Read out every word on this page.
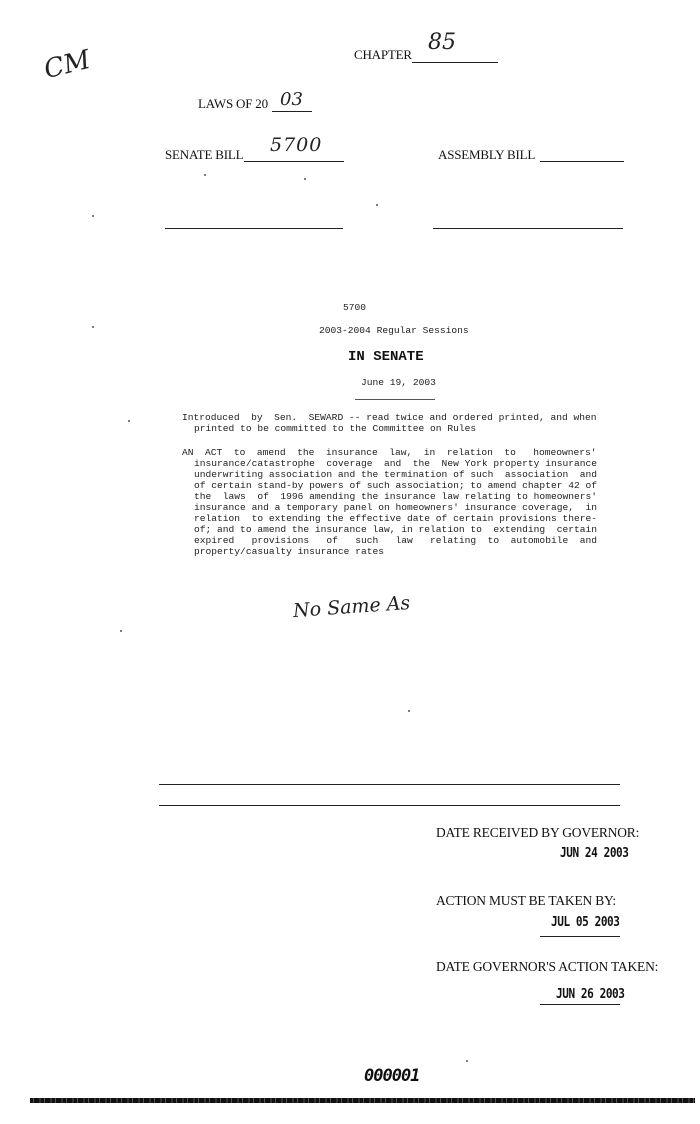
CM	CHAPTER 85
LAWS OF 20 03
SENATE BILL 5700	ASSEMBLY BILL
5700
2003-2004 Regular Sessions
IN SENATE
June 19, 2003
Introduced  by  Sen.  SEWARD -- read twice and ordered printed, and when
printed to be committed to the Committee on Rules
AN  ACT  to  amend  the  insurance  law,  in  relation  to   homeowners'
insurance/catastrophe  coverage  and  the  New York property insurance
underwriting association and the termination of such  association  and
of certain stand-by powers of such association; to amend chapter 42 of
the  laws  of  1996 amending the insurance law relating to homeowners'
insurance and a temporary panel on homeowners' insurance coverage,  in
relation  to extending the effective date of certain provisions there-
of; and to amend the insurance law, in relation to  extending  certain
expired   provisions   of   such   law   relating  to  automobile  and
property/casualty insurance rates
No Same As
DATE RECEIVED BY GOVERNOR:
JUN 24 2003
ACTION MUST BE TAKEN BY:
JUL 05 2003
DATE GOVERNOR'S ACTION TAKEN:
JUN 26 2003
000001
